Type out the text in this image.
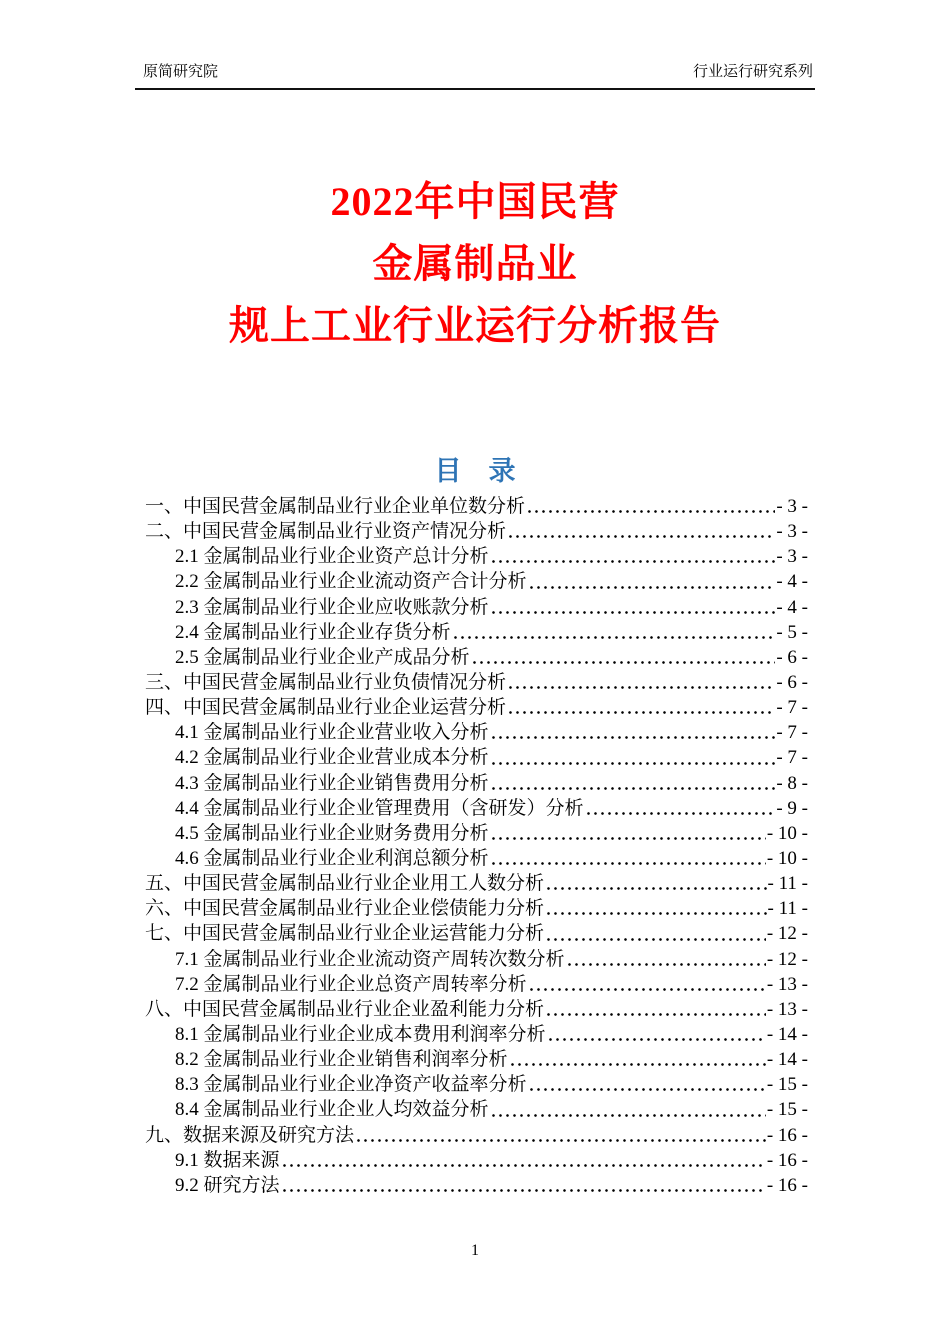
原简研究院	行业运行研究系列
2022年中国民营
金属制品业
规上工业行业运行分析报告
目　录
一、中国民营金属制品业行业企业单位数分析	- 3 -
二、中国民营金属制品业行业资产情况分析	- 3 -
2.1 金属制品业行业企业资产总计分析	- 3 -
2.2 金属制品业行业企业流动资产合计分析	- 4 -
2.3 金属制品业行业企业应收账款分析	- 4 -
2.4 金属制品业行业企业存货分析	- 5 -
2.5 金属制品业行业企业产成品分析	- 6 -
三、中国民营金属制品业行业负债情况分析	- 6 -
四、中国民营金属制品业行业企业运营分析	- 7 -
4.1 金属制品业行业企业营业收入分析	- 7 -
4.2 金属制品业行业企业营业成本分析	- 7 -
4.3 金属制品业行业企业销售费用分析	- 8 -
4.4 金属制品业行业企业管理费用（含研发）分析	- 9 -
4.5 金属制品业行业企业财务费用分析	- 10 -
4.6 金属制品业行业企业利润总额分析	- 10 -
五、中国民营金属制品业行业企业用工人数分析	- 11 -
六、中国民营金属制品业行业企业偿债能力分析	- 11 -
七、中国民营金属制品业行业企业运营能力分析	- 12 -
7.1 金属制品业行业企业流动资产周转次数分析	- 12 -
7.2 金属制品业行业企业总资产周转率分析	- 13 -
八、中国民营金属制品业行业企业盈利能力分析	- 13 -
8.1 金属制品业行业企业成本费用利润率分析	- 14 -
8.2 金属制品业行业企业销售利润率分析	- 14 -
8.3 金属制品业行业企业净资产收益率分析	- 15 -
8.4 金属制品业行业企业人均效益分析	- 15 -
九、数据来源及研究方法	- 16 -
9.1 数据来源	- 16 -
9.2 研究方法	- 16 -
1
